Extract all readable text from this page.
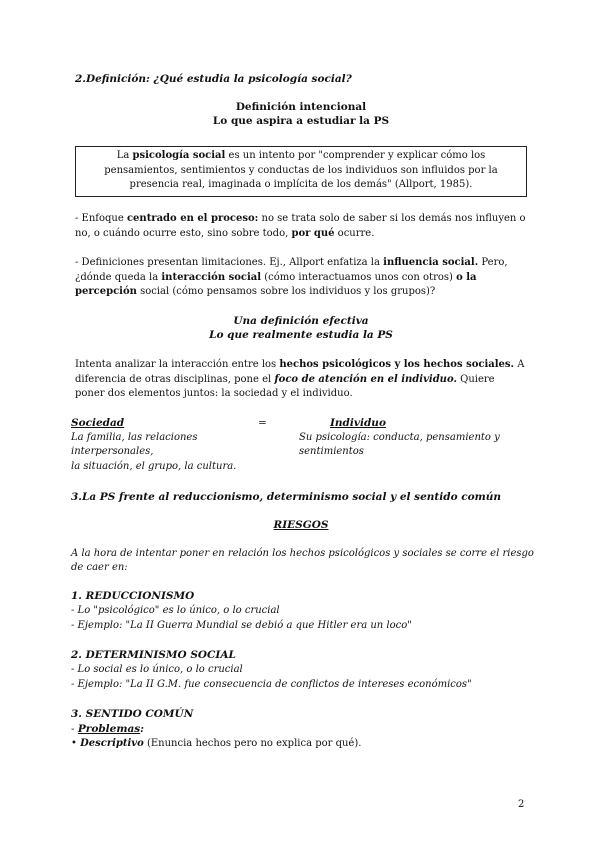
2.Definición: ¿Qué estudia la psicología social?
Definición intencional
Lo que aspira a estudiar la PS
La psicología social es un intento por "comprender y explicar cómo los pensamientos, sentimientos y conductas de los individuos son influidos por la presencia real, imaginada o implícita de los demás" (Allport, 1985).
- Enfoque centrado en el proceso: no se trata solo de saber si los demás nos influyen o no, o cuándo ocurre esto, sino sobre todo, por qué ocurre.
- Definiciones presentan limitaciones. Ej., Allport enfatiza la influencia social. Pero, ¿dónde queda la interacción social (cómo interactuamos unos con otros) o la percepción social (cómo pensamos sobre los individuos y los grupos)?
Una definición efectiva
Lo que realmente estudia la PS
Intenta analizar la interacción entre los hechos psicológicos y los hechos sociales. A diferencia de otras disciplinas, pone el foco de atención en el individuo. Quiere poner dos elementos juntos: la sociedad y el individuo.
Sociedad	=	Individuo
La familia, las relaciones
interpersonales,
la situación, el grupo, la cultura.
Su psicología: conducta, pensamiento y
sentimientos
3.La PS frente al reduccionismo, determinismo social y el sentido común
RIESGOS
A la hora de intentar poner en relación los hechos psicológicos y sociales se corre el riesgo
de caer en:
1. REDUCCIONISMO
- Lo "psicológico" es lo único, o lo crucial
- Ejemplo: "La II Guerra Mundial se debió a que Hitler era un loco"
2. DETERMINISMO SOCIAL
- Lo social es lo único, o lo crucial
- Ejemplo: "La II G.M. fue consecuencia de conflictos de intereses económicos"
3. SENTIDO COMÚN
- Problemas:
• Descriptivo (Enuncia hechos pero no explica por qué).
2
